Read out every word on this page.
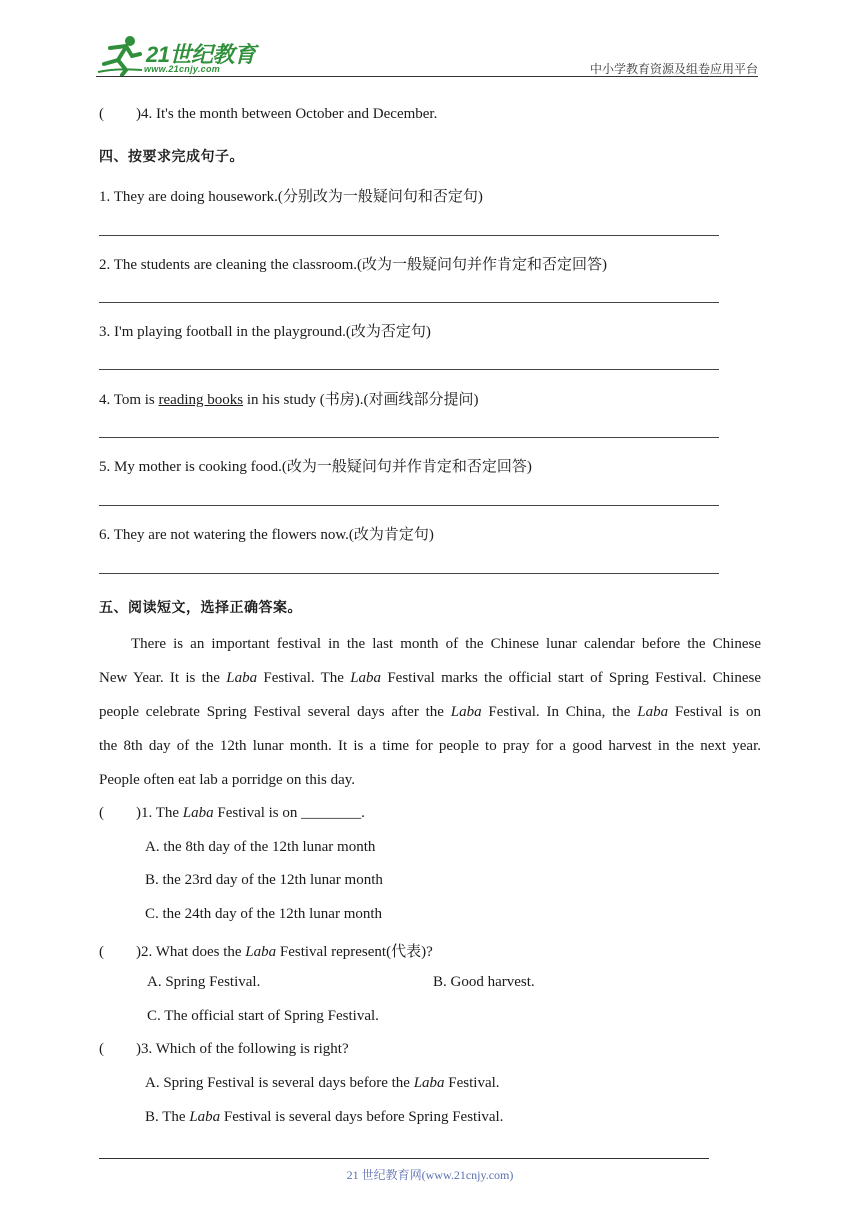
21世纪教育
www.21cnjy.com	中小学教育资源及组卷应用平台
( )4. It's the month between October and December.
四、按要求完成句子。
1. They are doing housework.(分别改为一般疑问句和否定句)
2. The students are cleaning the classroom.(改为一般疑问句并作肯定和否定回答)
3. I'm playing football in the playground.(改为否定句)
4. Tom is reading books in his study (书房).(对画线部分提问)
5. My mother is cooking food.(改为一般疑问句并作肯定和否定回答)
6. They are not watering the flowers now.(改为肯定句)
五、阅读短文，选择正确答案。
There is an important festival in the last month of the Chinese lunar calendar before the Chinese
New Year. It is the Laba Festival. The Laba Festival marks the official start of Spring Festival. Chinese
people celebrate Spring Festival several days after the Laba Festival. In China, the Laba Festival is on
the 8th day of the 12th lunar month. It is a time for people to pray for a good harvest in the next year.
People often eat lab a porridge on this day.
( )1. The Laba Festival is on ________.
A. the 8th day of the 12th lunar month
B. the 23rd day of the 12th lunar month
C. the 24th day of the 12th lunar month
( )2. What does the Laba Festival represent(代表)?
A. Spring Festival.	B. Good harvest.
C. The official start of Spring Festival.
( )3. Which of the following is right?
A. Spring Festival is several days before the Laba Festival.
B. The Laba Festival is several days before Spring Festival.
21 世纪教育网(www.21cnjy.com)
